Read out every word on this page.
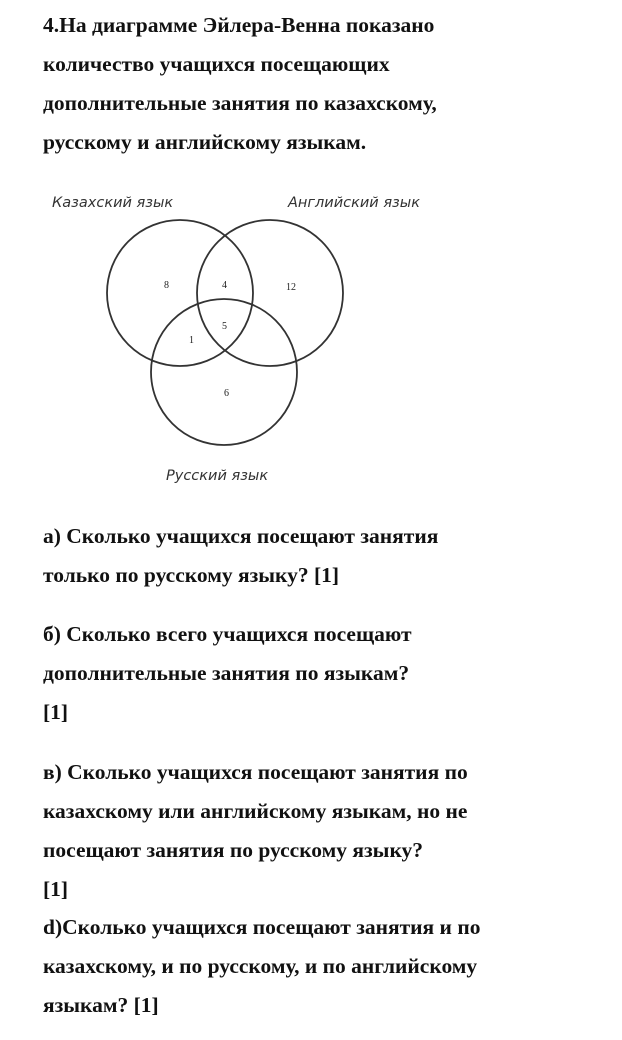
4.На диаграмме Эйлера-Венна показано
количество учащихся посещающих
дополнительные занятия по казахскому,
русскому и английскому языкам.

Казахский язык	Английский язык
Русский язык
8	4	12
5
1
6

а) Сколько учащихся посещают занятия
только по русскому языку? [1]

б) Сколько всего учащихся посещают
дополнительные занятия по языкам?
[1]

в) Сколько учащихся посещают занятия по
казахскому или английскому языкам, но не
посещают занятия по русскому языку?
[1]

d)Сколько учащихся посещают занятия и по
казахскому, и по русскому, и по английскому
языкам? [1]
